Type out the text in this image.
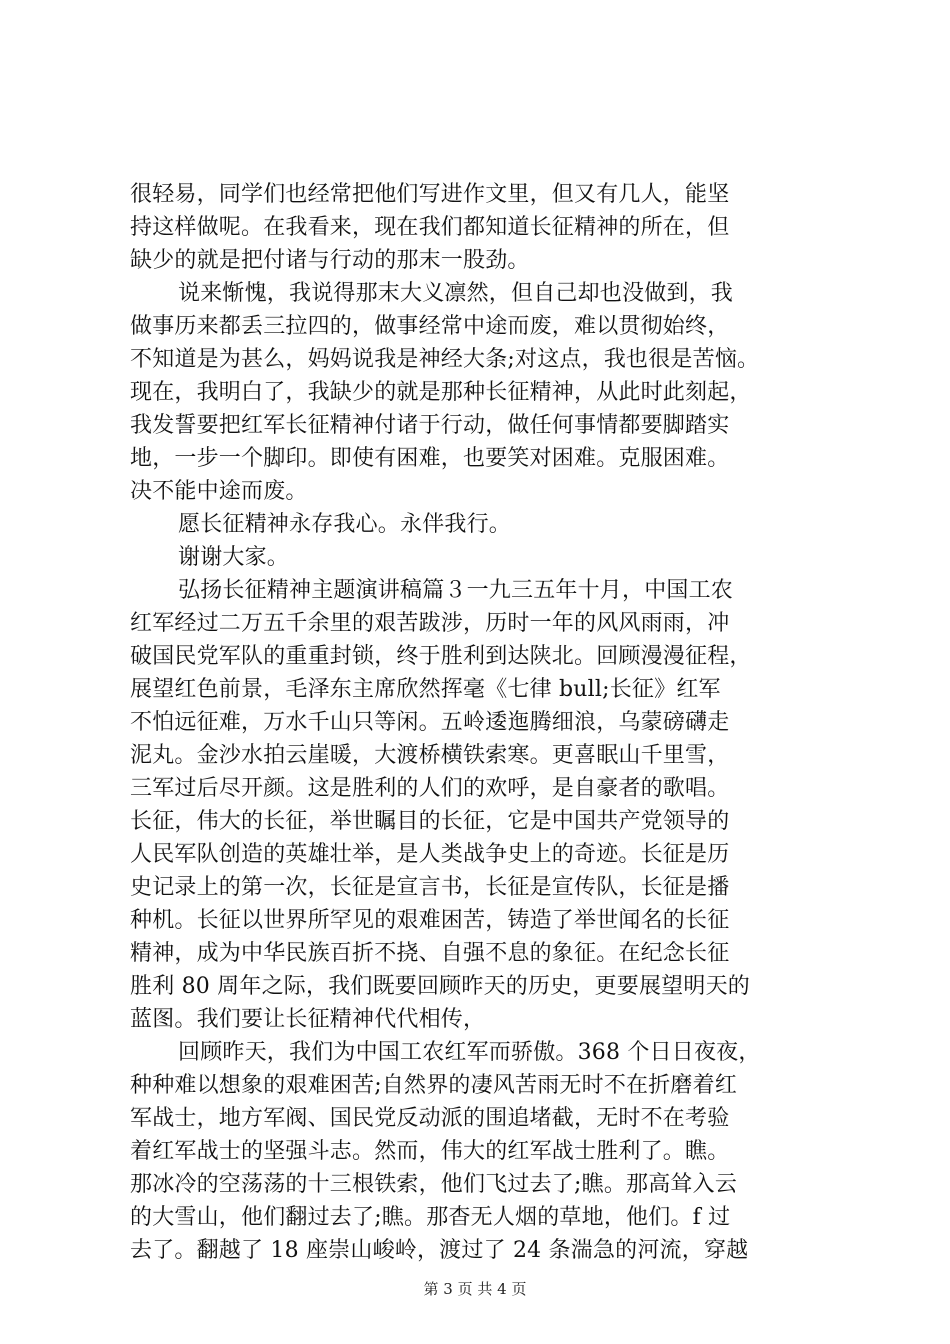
很轻易，同学们也经常把他们写进作文里，但又有几人，能坚
持这样做呢。在我看来，现在我们都知道长征精神的所在，但
缺少的就是把付诸与行动的那末一股劲。
说来惭愧，我说得那末大义凛然，但自己却也没做到，我
做事历来都丢三拉四的，做事经常中途而废，难以贯彻始终，
不知道是为甚么，妈妈说我是神经大条;对这点，我也很是苦恼。
现在，我明白了，我缺少的就是那种长征精神，从此时此刻起，
我发誓要把红军长征精神付诸于行动，做任何事情都要脚踏实
地，一步一个脚印。即使有困难，也要笑对困难。克服困难。
决不能中途而废。
愿长征精神永存我心。永伴我行。
谢谢大家。
弘扬长征精神主题演讲稿篇３一九三五年十月，中国工农
红军经过二万五千余里的艰苦跋涉，历时一年的风风雨雨，冲
破国民党军队的重重封锁，终于胜利到达陕北。回顾漫漫征程，
展望红色前景，毛泽东主席欣然挥毫《七律 bull;长征》红军
不怕远征难，万水千山只等闲。五岭逶迤腾细浪，乌蒙磅礴走
泥丸。金沙水拍云崖暖，大渡桥横铁索寒。更喜眠山千里雪，
三军过后尽开颜。这是胜利的人们的欢呼，是自豪者的歌唱。
长征，伟大的长征，举世瞩目的长征，它是中国共产党领导的
人民军队创造的英雄壮举，是人类战争史上的奇迹。长征是历
史记录上的第一次，长征是宣言书，长征是宣传队，长征是播
种机。长征以世界所罕见的艰难困苦，铸造了举世闻名的长征
精神，成为中华民族百折不挠、自强不息的象征。在纪念长征
胜利 80 周年之际，我们既要回顾昨天的历史，更要展望明天的
蓝图。我们要让长征精神代代相传，
回顾昨天，我们为中国工农红军而骄傲。368 个日日夜夜，
种种难以想象的艰难困苦;自然界的凄风苦雨无时不在折磨着红
军战士，地方军阀、国民党反动派的围追堵截，无时不在考验
着红军战士的坚强斗志。然而，伟大的红军战士胜利了。瞧。
那冰冷的空荡荡的十三根铁索，他们飞过去了;瞧。那高耸入云
的大雪山，他们翻过去了;瞧。那杳无人烟的草地，他们。f 过
去了。翻越了 18 座崇山峻岭，渡过了 24 条湍急的河流，穿越
第 3 页 共 4 页
